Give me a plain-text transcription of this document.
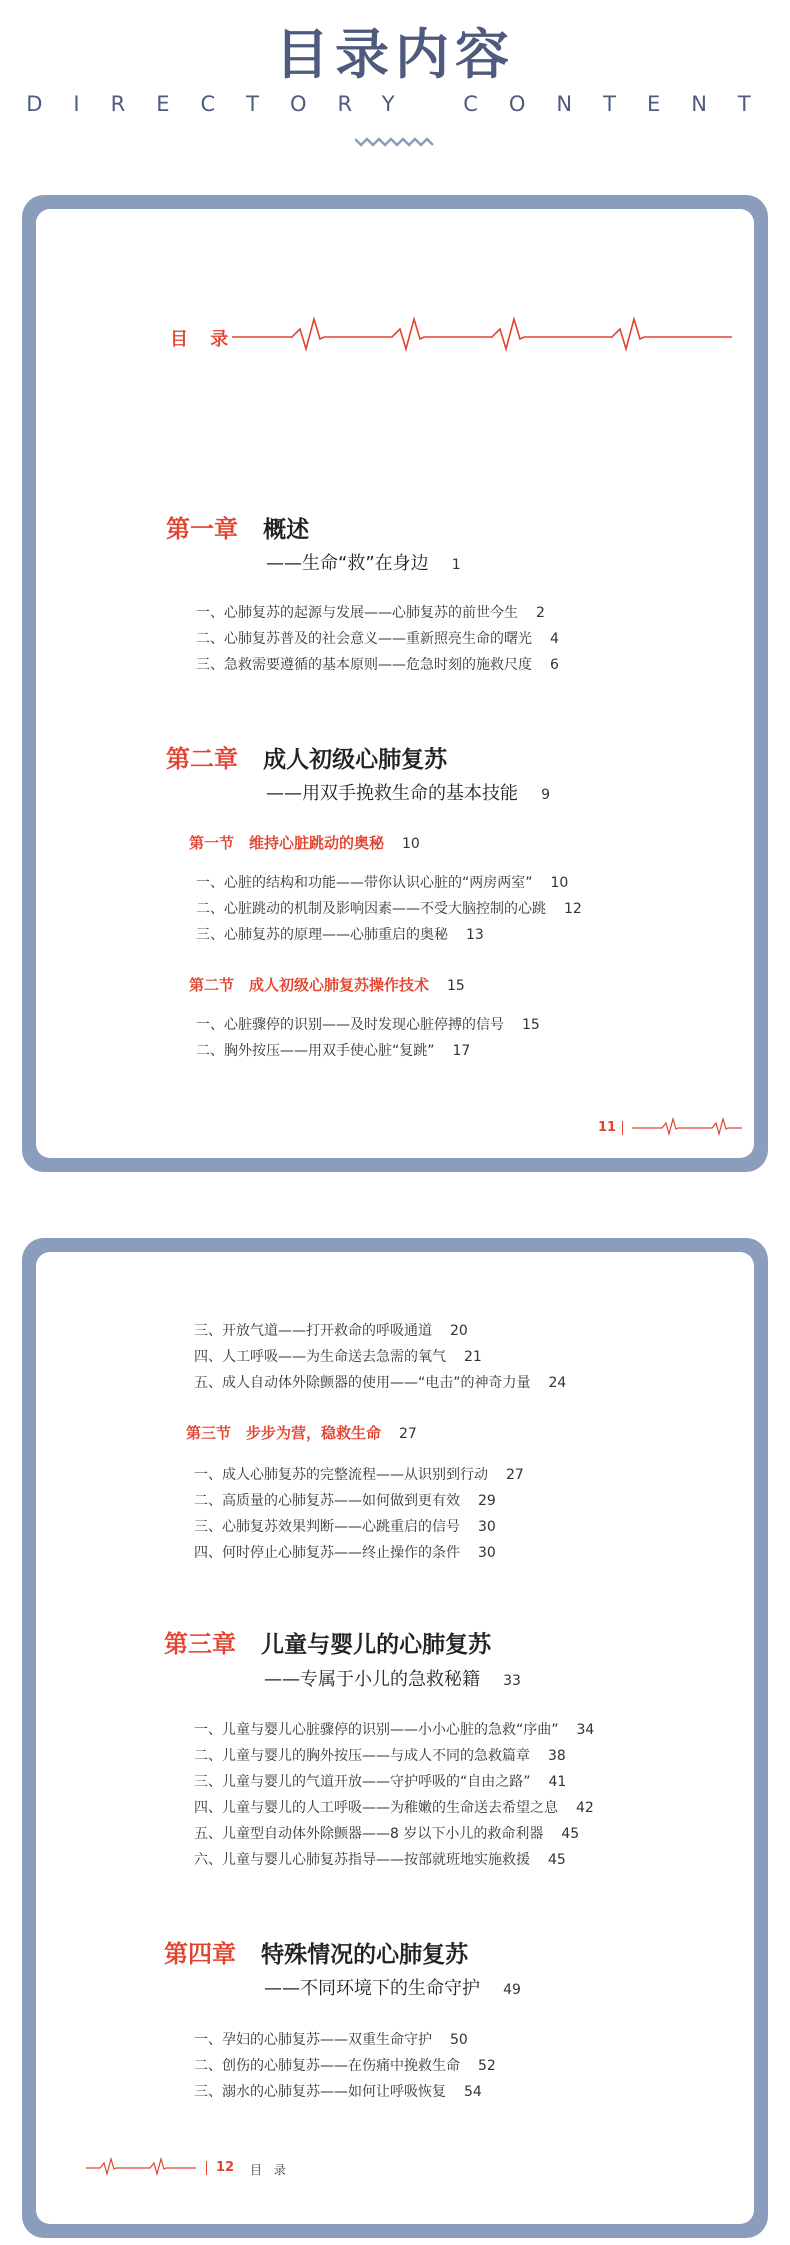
目录内容
DIRECTORY CONTENT
目 录
第一章 概述
——生命“救”在身边 1
一、心肺复苏的起源与发展——心肺复苏的前世今生 2
二、心肺复苏普及的社会意义——重新照亮生命的曙光 4
三、急救需要遵循的基本原则——危急时刻的施救尺度 6
第二章 成人初级心肺复苏
——用双手挽救生命的基本技能 9
第一节　维持心脏跳动的奥秘 10
一、心脏的结构和功能——带你认识心脏的“两房两室” 10
二、心脏跳动的机制及影响因素——不受大脑控制的心跳 12
三、心肺复苏的原理——心肺重启的奥秘 13
第二节　成人初级心肺复苏操作技术 15
一、心脏骤停的识别——及时发现心脏停搏的信号 15
二、胸外按压——用双手使心脏“复跳” 17
11
三、开放气道——打开救命的呼吸通道 20
四、人工呼吸——为生命送去急需的氧气 21
五、成人自动体外除颤器的使用——“电击”的神奇力量 24
第三节　步步为营，稳救生命 27
一、成人心肺复苏的完整流程——从识别到行动 27
二、高质量的心肺复苏——如何做到更有效 29
三、心肺复苏效果判断——心跳重启的信号 30
四、何时停止心肺复苏——终止操作的条件 30
第三章 儿童与婴儿的心肺复苏
——专属于小儿的急救秘籍 33
一、儿童与婴儿心脏骤停的识别——小小心脏的急救“序曲” 34
二、儿童与婴儿的胸外按压——与成人不同的急救篇章 38
三、儿童与婴儿的气道开放——守护呼吸的“自由之路” 41
四、儿童与婴儿的人工呼吸——为稚嫩的生命送去希望之息 42
五、儿童型自动体外除颤器——8 岁以下小儿的救命利器 45
六、儿童与婴儿心肺复苏指导——按部就班地实施救援 45
第四章 特殊情况的心肺复苏
——不同环境下的生命守护 49
一、孕妇的心肺复苏——双重生命守护 50
二、创伤的心肺复苏——在伤痛中挽救生命 52
三、溺水的心肺复苏——如何让呼吸恢复 54
12 目 录
